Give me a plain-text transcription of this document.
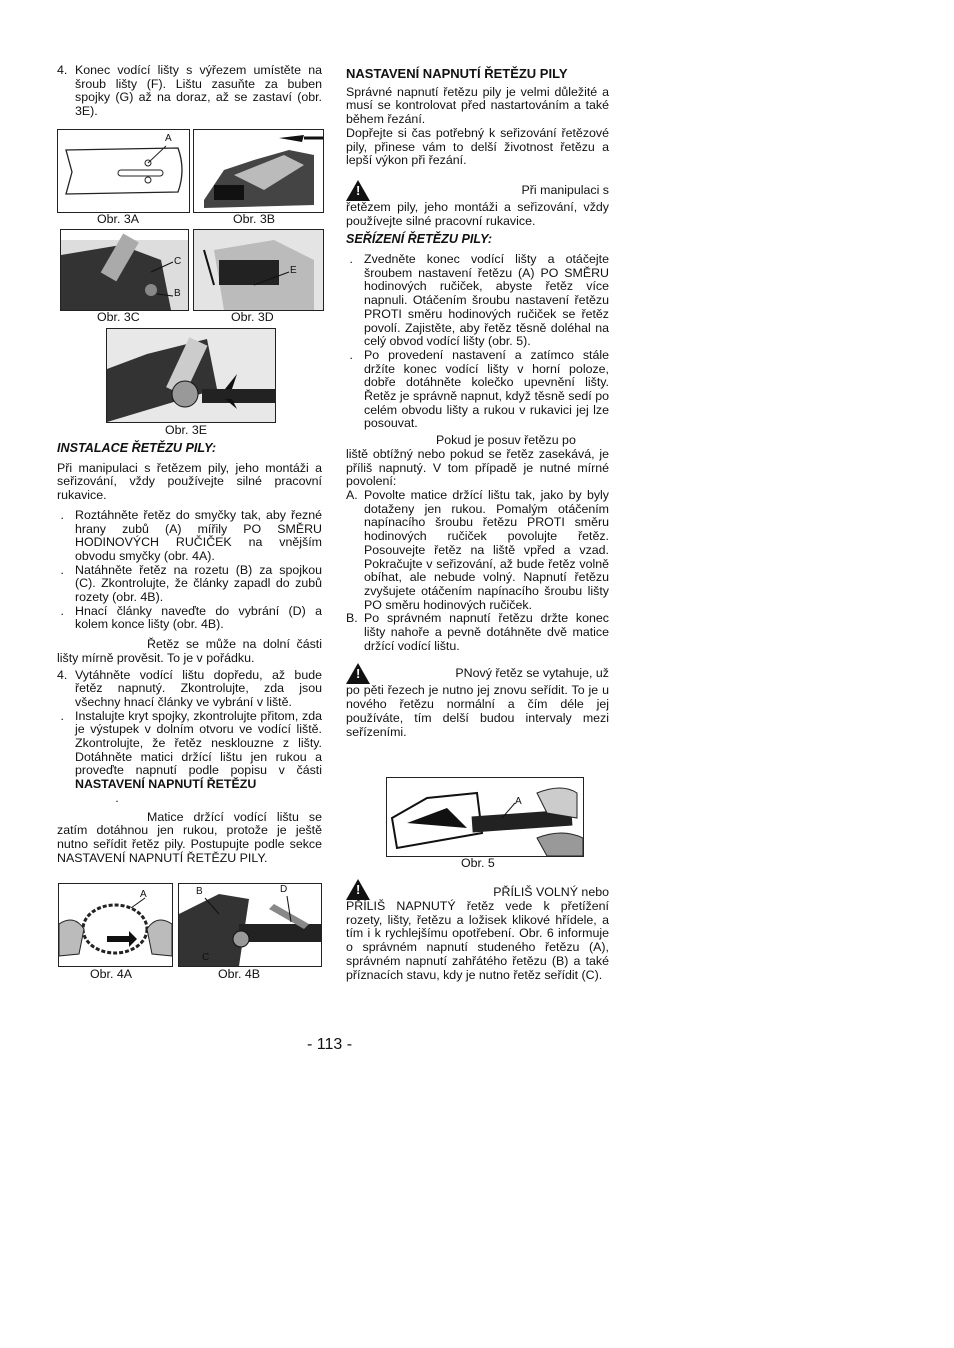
4. Konec vodící lišty s výřezem umístěte na šroub lišty (F). Lištu zasuňte za buben spojky (G) až na doraz, až se zastaví (obr. 3E).
A
Obr. 3A	Obr. 3B
C
B
Obr. 3C
E
Obr. 3D
Obr. 3E

INSTALACE ŘETĚZU PILY:

Při manipulaci s řetězem pily, jeho montáži a seřizování, vždy používejte silné pracovní rukavice.

. Roztáhněte řetěz do smyčky tak, aby řezné hrany zubů (A) mířily PO SMĚRU HODINOVÝCH RUČIČEK na vnějším obvodu smyčky (obr. 4A).
. Natáhněte řetěz na rozetu (B) za spojkou (C). Zkontrolujte, že články zapadl do zubů rozety (obr. 4B).
. Hnací články naveďte do vybrání (D) a kolem konce lišty (obr. 4B).

Řetěz se může na dolní části lišty mírně prověsit. To je v pořádku.

4. Vytáhněte vodící lištu dopředu, až bude řetěz napnutý. Zkontrolujte, zda jsou všechny hnací články ve vybrání v liště.
. Instalujte kryt spojky, zkontrolujte přitom, zda je výstupek v dolním otvoru ve vodící liště. Zkontrolujte, že řetěz nesklouzne z lišty. Dotáhněte matici držící lištu jen rukou a proveďte napnutí podle popisu v části NASTAVENÍ NAPNUTÍ ŘETĚZU

.

Matice držící vodící lištu se zatím dotáhnou jen rukou, protože je ještě nutno seřídit řetěz pily. Postupujte podle sekce NASTAVENÍ NAPNUTÍ ŘETĚZU PILY.

A
Obr. 4A
B	D
C
Obr. 4B

NASTAVENÍ NAPNUTÍ ŘETĚZU PILY

Správné napnutí řetězu pily je velmi důležité a musí se kontrolovat před nastartováním a také během řezání.

Dopřejte si čas potřebný k seřizování řetězové pily, přinese vám to delší životnost řetězu a lepší výkon při řezání.

!
Při manipulaci s

řetězem pily, jeho montáži a seřizování, vždy používejte silné pracovní rukavice.

SEŘÍZENÍ ŘETĚZU PILY:

. Zvedněte konec vodící lišty a otáčejte šroubem nastavení řetězu (A) PO SMĚRU hodinových ručiček, abyste řetěz více napnuli. Otáčením šroubu nastavení řetězu PROTI směru hodinových ručiček se řetěz povolí. Zajistěte, aby řetěz těsně doléhal na celý obvod vodící lišty (obr. 5).
. Po provedení nastavení a zatímco stále držíte konec vodící lišty v horní poloze, dobře dotáhněte kolečko upevnění lišty. Řetěz je správně napnut, když těsně sedí po celém obvodu lišty a rukou v rukavici jej lze posouvat.

Pokud je posuv řetězu po

liště obtížný nebo pokud se řetěz zasekává, je příliš napnutý. V tom případě je nutné mírné povolení:

A. Povolte matice držící lištu tak, jako by byly dotaženy jen rukou. Pomalým otáčením napínacího šroubu řetězu PROTI směru hodinových ručiček povolujte řetěz. Posouvejte řetěz na liště vpřed a vzad. Pokračujte v seřizování, až bude řetěz volně obíhat, ale nebude volný. Napnutí řetězu zvyšujete otáčením napínacího šroubu lišty PO směru hodinových ručiček.
B. Po správném napnutí řetězu držte konec lišty nahoře a pevně dotáhněte dvě matice držící vodící lištu.
!
PNový řetěz se vytahuje, už

po pěti řezech je nutno jej znovu seřídit. To je u nového řetězu normální a čím déle jej používáte, tím delší budou intervaly mezi seřízeními.

A
Obr. 5
!
PŘÍLIŠ VOLNÝ nebo

PŘÍLIŠ NAPNUTÝ řetěz vede k přetížení rozety, lišty, řetězu a ložisek klikové hřídele, a tím i k rychlejšímu opotřebení. Obr. 6 informuje o správném napnutí studeného řetězu (A), správném napnutí zahřátého řetězu (B) a také příznacích stavu, kdy je nutno řetěz seřídit (C).

- 113 -
